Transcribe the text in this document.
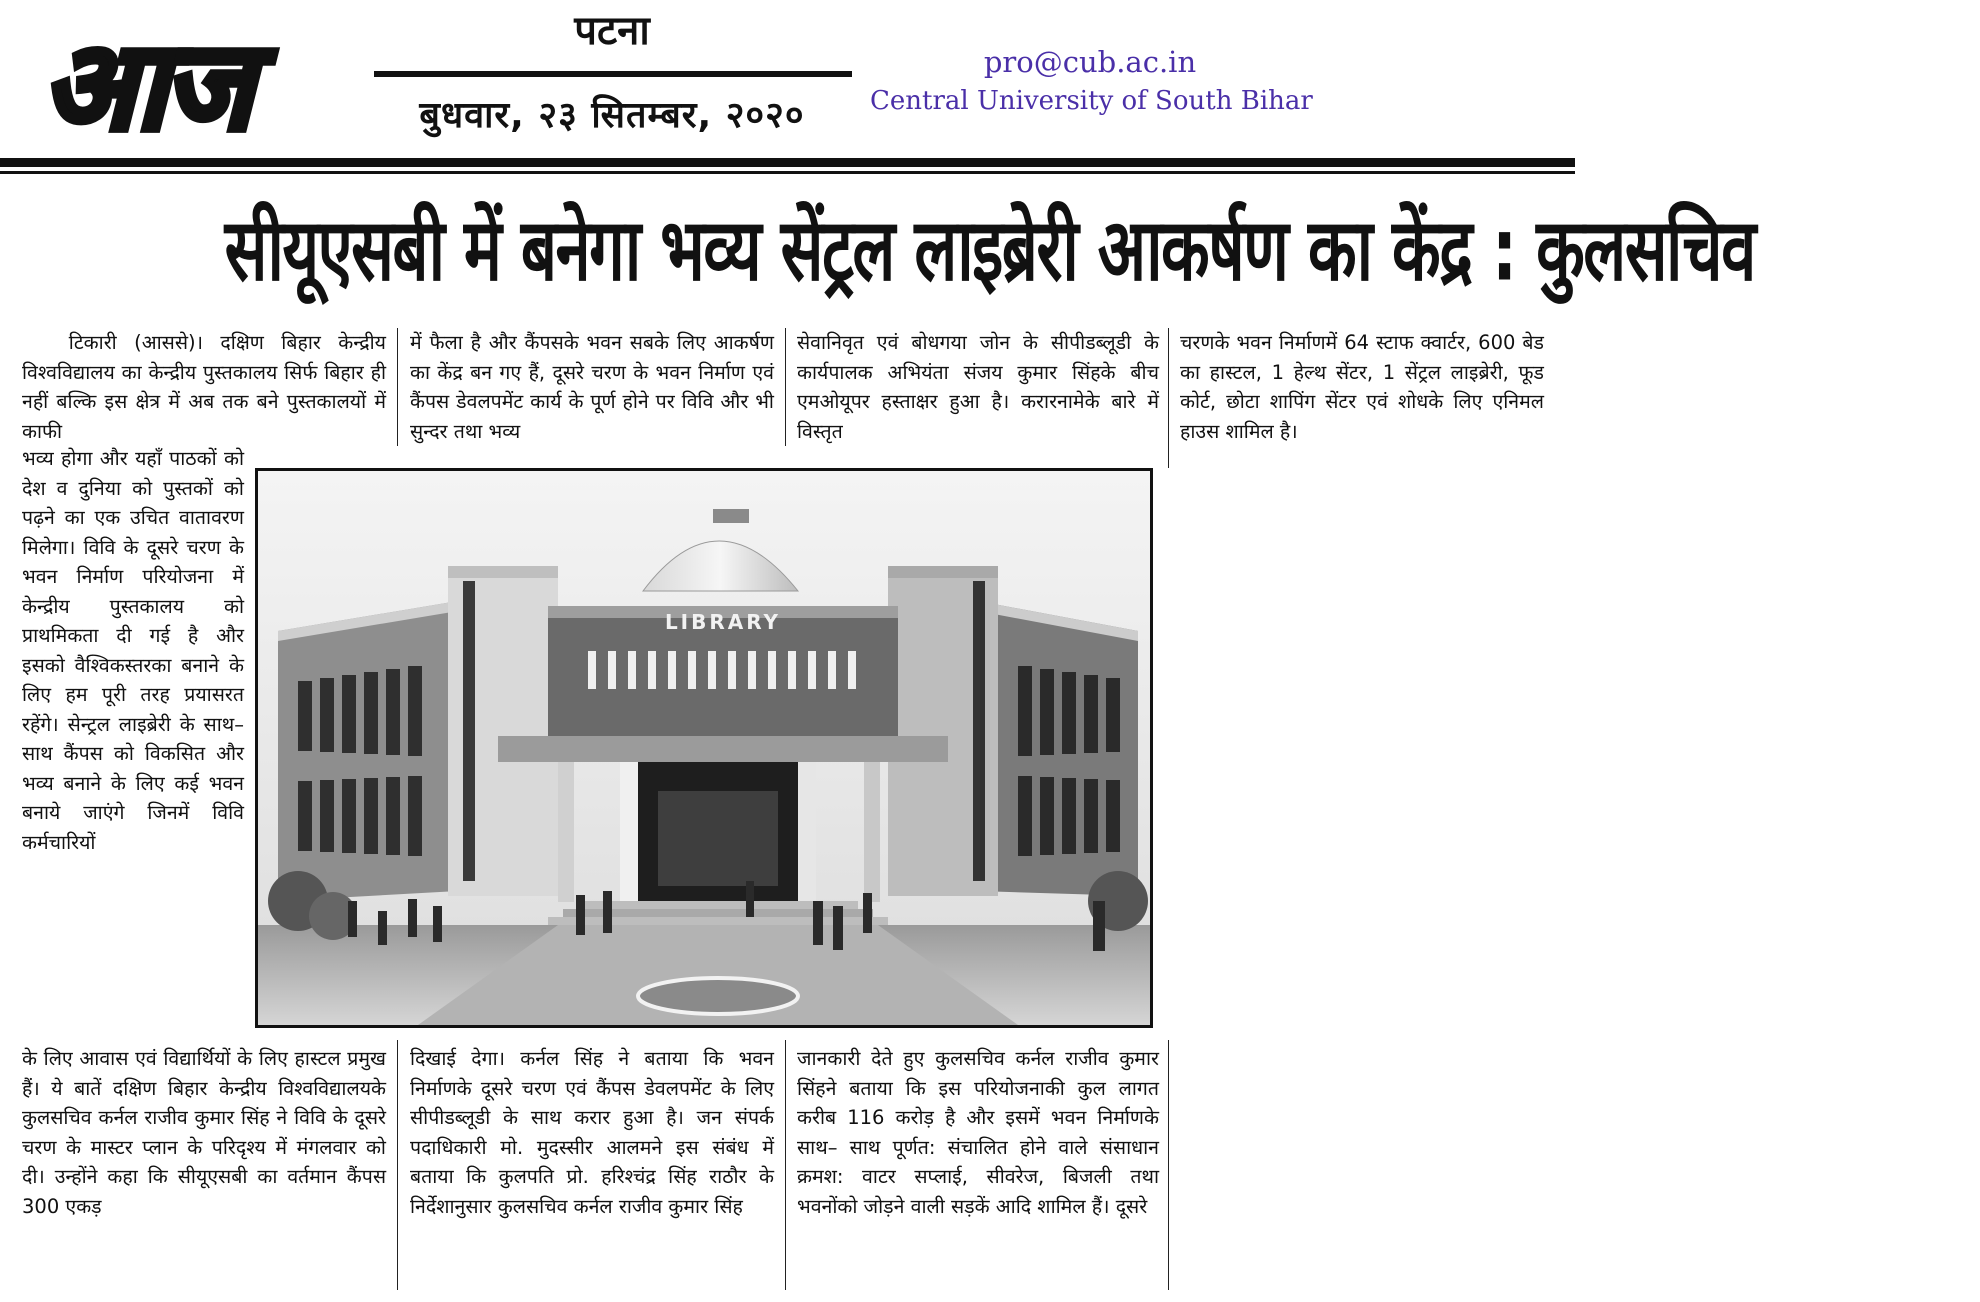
आज	पटना
बुधवार, २३ सितम्बर, २०२०
pro@cub.ac.in
Central University of South Bihar
सीयूएसबी में बनेगा भव्य सेंट्रल लाइब्रेरी आकर्षण का केंद्र : कुलसचिव

टिकारी (आससे)। दक्षिण बिहार केन्द्रीय विश्वविद्यालय का केन्द्रीय पुस्तकालय सिर्फ बिहार ही नहीं बल्कि इस क्षेत्र में अब तक बने पुस्तकालयों में काफी

भव्य होगा और यहाँ पाठकों को देश व दुनिया को पुस्तकों को पढ़ने का एक उचित वातावरण मिलेगा। विवि के दूसरे चरण के भवन निर्माण परियोजना में केन्द्रीय पुस्तकालय को प्राथमिकता दी गई है और इसको वैश्विकस्तरका बनाने के लिए हम पूरी तरह प्रयासरत रहेंगे। सेन्ट्रल लाइब्रेरी के साथ–साथ कैंपस को विकसित और भव्य बनाने के लिए कई भवन बनाये जाएंगे जिनमें विवि कर्मचारियों

के लिए आवास एवं विद्यार्थियों के लिए हास्टल प्रमुख हैं। ये बातें दक्षिण बिहार केन्द्रीय विश्वविद्यालयके कुलसचिव कर्नल राजीव कुमार सिंह ने विवि के दूसरे चरण के मास्टर प्लान के परिदृश्य में मंगलवार को दी। उन्होंने कहा कि सीयूएसबी का वर्तमान कैंपस 300 एकड़

में फैला है और कैंपसके भवन सबके लिए आकर्षण का केंद्र बन गए हैं, दूसरे चरण के भवन निर्माण एवं कैंपस डेवलपमेंट कार्य के पूर्ण होने पर विवि और भी सुन्दर तथा भव्य

दिखाई देगा। कर्नल सिंह ने बताया कि भवन निर्माणके दूसरे चरण एवं कैंपस डेवलपमेंट के लिए सीपीडब्लूडी के साथ करार हुआ है। जन संपर्क पदाधिकारी मो. मुदस्सीर आलमने इस संबंध में बताया कि कुलपति प्रो. हरिश्चंद्र सिंह राठौर के निर्देशानुसार कुलसचिव कर्नल राजीव कुमार सिंह

सेवानिवृत एवं बोधगया जोन के सीपीडब्लूडी के कार्यपालक अभियंता संजय कुमार सिंहके बीच एमओयूपर हस्ताक्षर हुआ है। करारनामेके बारे में विस्तृत

जानकारी देते हुए कुलसचिव कर्नल राजीव कुमार सिंहने बताया कि इस परियोजनाकी कुल लागत करीब 116 करोड़ है और इसमें भवन निर्माणके साथ– साथ पूर्णत: संचालित होने वाले संसाधान क्रमश: वाटर सप्लाई, सीवरेज, बिजली तथा भवनोंको जोड़ने वाली सड़कें आदि शामिल हैं। दूसरे

चरणके भवन निर्माणमें 64 स्टाफ क्वार्टर, 600 बेड का हास्टल, 1 हेल्थ सेंटर, 1 सेंट्रल लाइब्रेरी, फूड कोर्ट, छोटा शापिंग सेंटर एवं शोधके लिए एनिमल हाउस शामिल है।

LIBRARY
